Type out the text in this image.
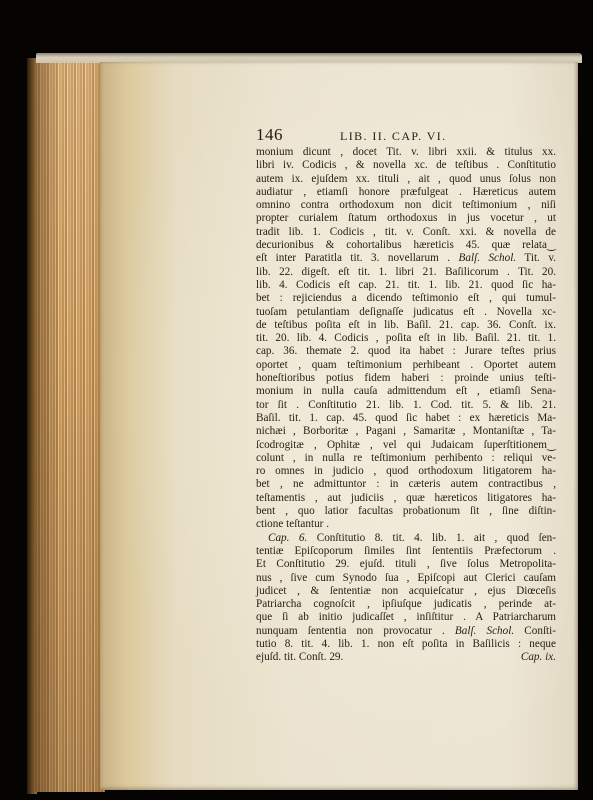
146	LIB. II. CAP. VI.
monium dicunt , docet Tit. v. libri xxii. & titulus xx.
libri iv. Codicis , & novella xc. de teſtibus . Conſtitutio
autem ix. ejuſdem xx. tituli , ait , quod unus ſolus non
audiatur , etiamſi honore præfulgeat . Hæreticus autem
omnino contra orthodoxum non dicit teſtimonium , niſi
propter curialem ſtatum orthodoxus in jus vocetur , ut
tradit lib. 1. Codicis , tit. v. Conſt. xxi. & novella de
decurionibus & cohortalibus hæreticis 45. quæ relata‿
eſt inter Paratitla tit. 3. novellarum . Balſ. Schol. Tit. v.
lib. 22. digeſt. eſt tit. 1. libri 21. Baſilicorum . Tit. 20.
lib. 4. Codicis eſt cap. 21. tit. 1. lib. 21. quod ſic ha-
bet : rejiciendus a dicendo teſtimonio eſt , qui tumul-
tuoſam petulantiam deſignaſſe judicatus eſt . Novella xc-
de teſtibus poſita eſt in lib. Baſil. 21. cap. 36. Conſt. ix.
tit. 20. lib. 4. Codicis , poſita eſt in lib. Baſil. 21. tit. 1.
cap. 36. themate 2. quod ita habet : Jurare teſtes prius
oportet , quam teſtimonium perhibeant . Oportet autem
honeſtioribus potius fidem haberi : proinde unius teſti-
monium in nulla cauſa admittendum eſt , etiamſi Sena-
tor ſit . Conſtitutio 21. lib. 1. Cod. tit. 5. & lib. 21.
Baſil. tit. 1. cap. 45. quod ſic habet : ex hæreticis Ma-
nichæi , Borboritæ , Pagani , Samaritæ , Montaniſtæ , Ta-
ſcodrogitæ , Ophitæ , vel qui Judaicam ſuperſtitionem‿
colunt , in nulla re teſtimonium perhibento : reliqui ve-
ro omnes in judicio , quod orthodoxum litigatorem ha-
bet , ne admittuntor : in cæteris autem contractibus ,
teſtamentis , aut judiciis , quæ hæreticos litigatores ha-
bent , quo latior facultas probationum ſit , ſine diſtin-
ctione teſtantur .
Cap. 6. Conſtitutio 8. tit. 4. lib. 1. ait , quod ſen-
tentiæ Epiſcoporum ſimiles ſint ſententiis Præfectorum .
Et Conſtitutio 29. ejuſd. tituli , ſive ſolus Metropolita-
nus , ſive cum Synodo ſua , Epiſcopi aut Clerici cauſam
judicet , & ſententiæ non acquieſcatur , ejus Diœceſis
Patriarcha cognoſcit , ipſiuſque judicatis , perinde at-
que ſi ab initio judicaſſet , inſiſtitur . A Patriarcharum
nunquam ſententia non provocatur . Balſ. Schol. Conſti-
tutio 8. tit. 4. lib. 1. non eſt poſita in Baſilicis : neque
ejuſd. tit. Conſt. 29.	Cap. ix.
